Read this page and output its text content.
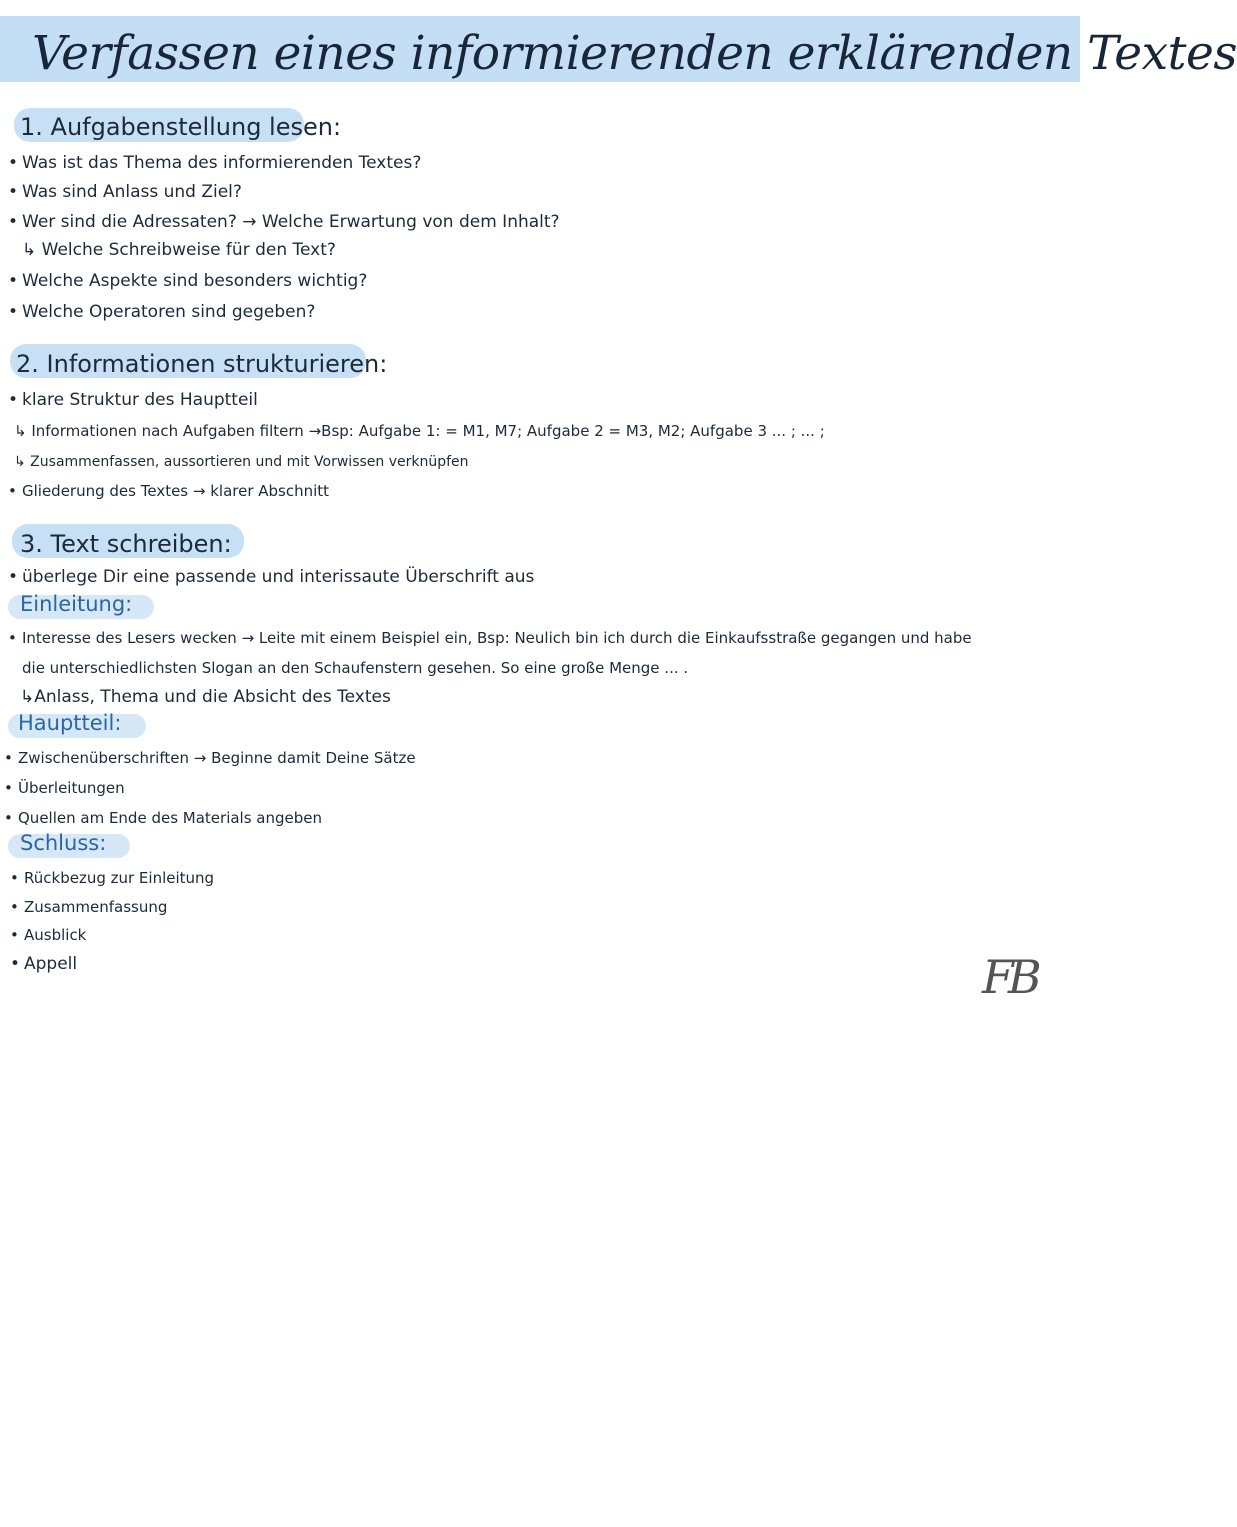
Verfassen eines informierenden erklärenden Textes
1. Aufgabenstellung lesen:
• Was ist das Thema des informierenden Textes?
• Was sind Anlass und Ziel?
• Wer sind die Adressaten? → Welche Erwartung von dem Inhalt?
↳ Welche Schreibweise für den Text?
• Welche Aspekte sind besonders wichtig?
• Welche Operatoren sind gegeben?
2. Informationen strukturieren:
• klare Struktur des Hauptteil
↳ Informationen nach Aufgaben filtern →Bsp: Aufgabe 1: = M1, M7; Aufgabe 2 = M3, M2; Aufgabe 3 ... ; ... ;
↳ Zusammenfassen, aussortieren und mit Vorwissen verknüpfen
• Gliederung des Textes → klarer Abschnitt
3. Text schreiben:
• überlege Dir eine passende und interissaute Überschrift aus
Einleitung:
• Interesse des Lesers wecken → Leite mit einem Beispiel ein, Bsp: Neulich bin ich durch die Einkaufsstraße gegangen und habe
die unterschiedlichsten Slogan an den Schaufenstern gesehen. So eine große Menge ... .
↳Anlass, Thema und die Absicht des Textes
Hauptteil:
• Zwischenüberschriften → Beginne damit Deine Sätze
• Überleitungen
• Quellen am Ende des Materials angeben
Schluss:
• Rückbezug zur Einleitung
• Zusammenfassung
• Ausblick
• Appell	FB
